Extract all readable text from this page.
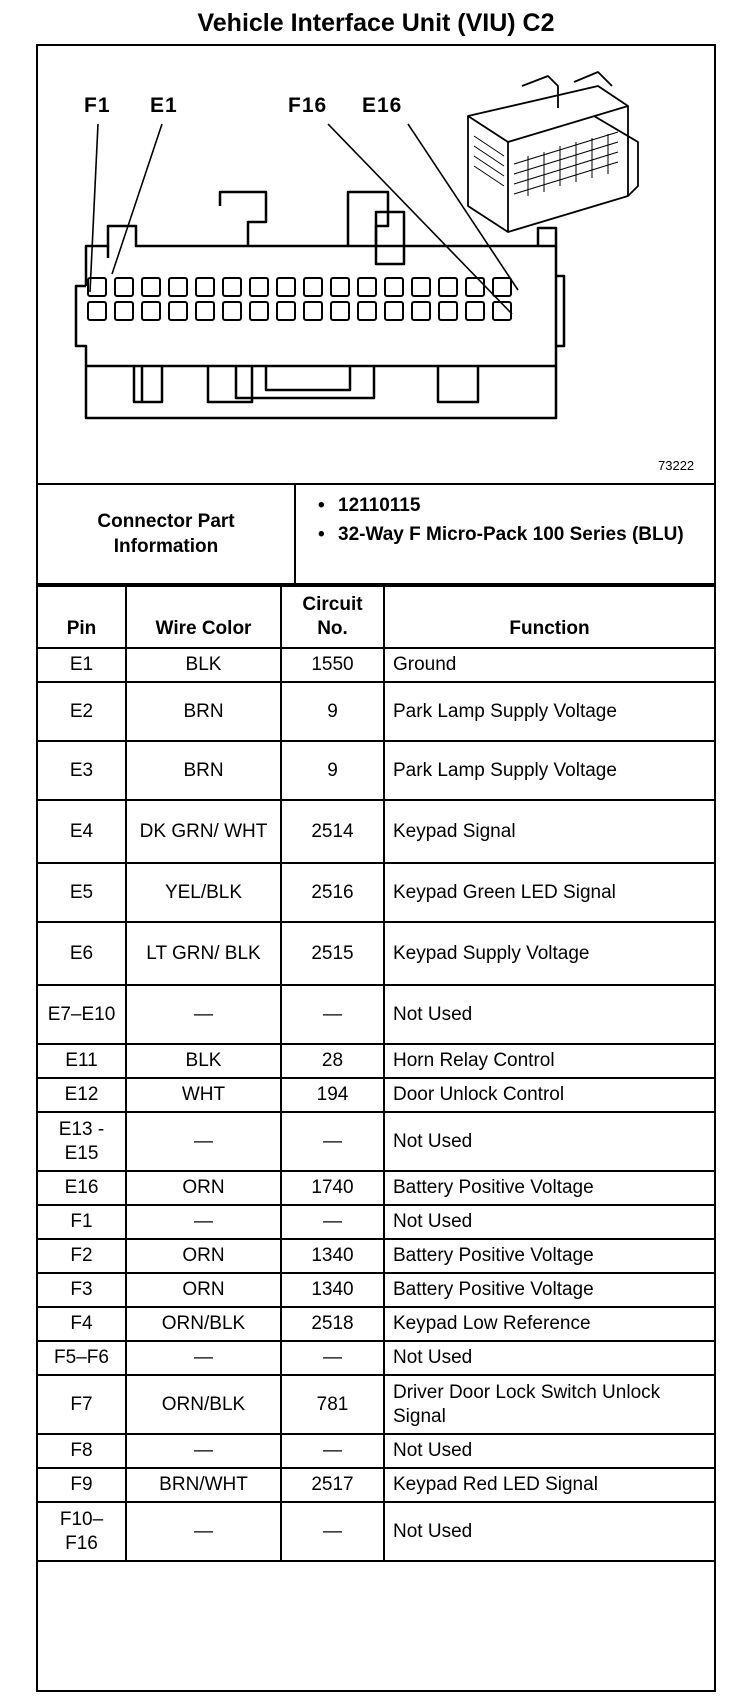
Vehicle Interface Unit (VIU) C2
F1 E1	F16 E16
73222
Connector Part Information
• 12110115
• 32-Way F Micro-Pack 100 Series (BLU)
Pin	Wire Color	Circuit No.	Function
E1	BLK	1550	Ground
E2	BRN	9	Park Lamp Supply Voltage
E3	BRN	9	Park Lamp Supply Voltage
E4	DK GRN/ WHT	2514	Keypad Signal
E5	YEL/BLK	2516	Keypad Green LED Signal
E6	LT GRN/ BLK	2515	Keypad Supply Voltage
E7–E10	—	—	Not Used
E11	BLK	28	Horn Relay Control
E12	WHT	194	Door Unlock Control
E13 - E15	—	—	Not Used
E16	ORN	1740	Battery Positive Voltage
F1	—	—	Not Used
F2	ORN	1340	Battery Positive Voltage
F3	ORN	1340	Battery Positive Voltage
F4	ORN/BLK	2518	Keypad Low Reference
F5–F6	—	—	Not Used
F7	ORN/BLK	781	Driver Door Lock Switch Unlock Signal
F8	—	—	Not Used
F9	BRN/WHT	2517	Keypad Red LED Signal
F10–F16	—	—	Not Used
